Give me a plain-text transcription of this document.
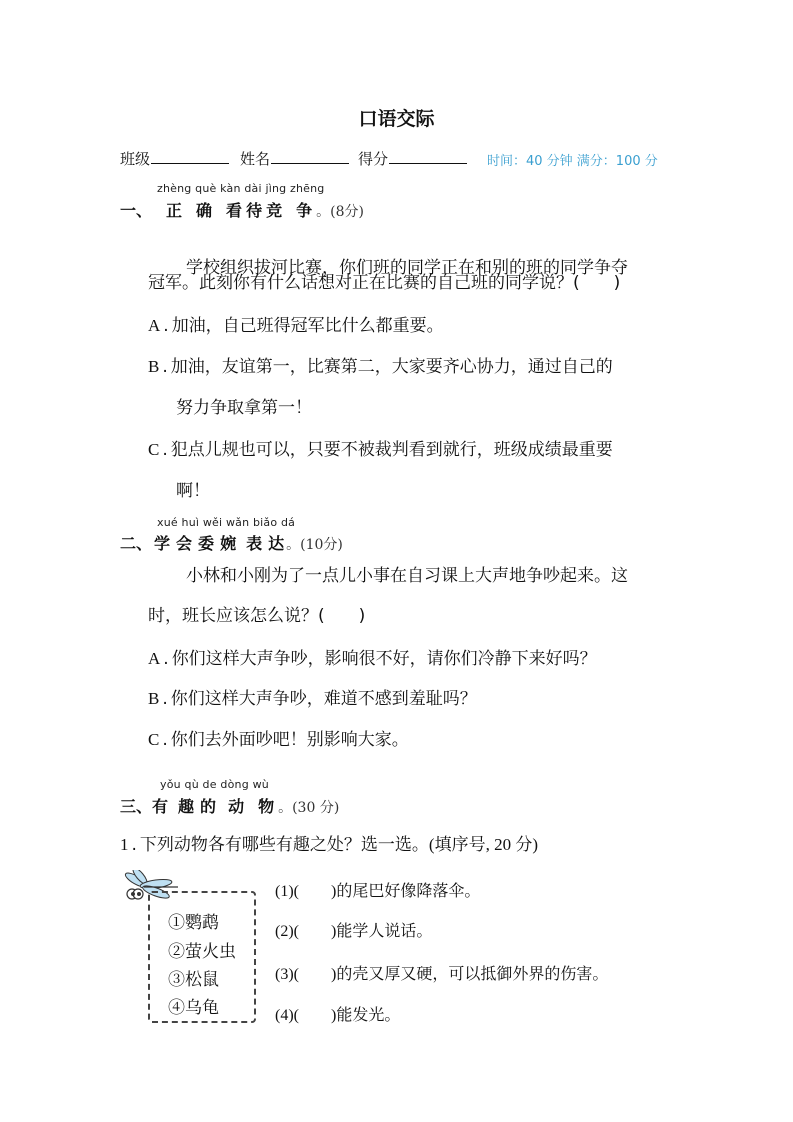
口语交际
班级	姓名	得分	时间：40 分钟 满分：100 分
zhèng què kàn dài jìng zhēng
一、 正 确 看 待 竞 争 。(8分)
学校组织拔河比赛，你们班的同学正在和别的班的同学争夺
冠军。此刻你有什么话想对正在比赛的自己班的同学说？(　　)
A . 加油，自己班得冠军比什么都重要。
B . 加油，友谊第一，比赛第二，大家要齐心协力，通过自己的
努力争取拿第一！
C . 犯点儿规也可以，只要不被裁判看到就行，班级成绩最重要
啊！
xué huì wěi wǎn biǎo dá
二、 学 会 委 婉 表 达 。(10分)
小林和小刚为了一点儿小事在自习课上大声地争吵起来。这
时，班长应该怎么说？(　　)
A . 你们这样大声争吵，影响很不好，请你们冷静下来好吗？
B . 你们这样大声争吵，难道不感到羞耻吗？
C . 你们去外面吵吧！别影响大家。
yǒu qù de dòng wù
三、有 趣 的 动 物 。(30 分)
1 . 下列动物各有哪些有趣之处？选一选。(填序号, 20 分)
①鹦鹉
②萤火虫
③松鼠
④乌龟
(1)( )的尾巴好像降落伞。
(2)( )能学人说话。
(3)( )的壳又厚又硬，可以抵御外界的伤害。
(4)( )能发光。
